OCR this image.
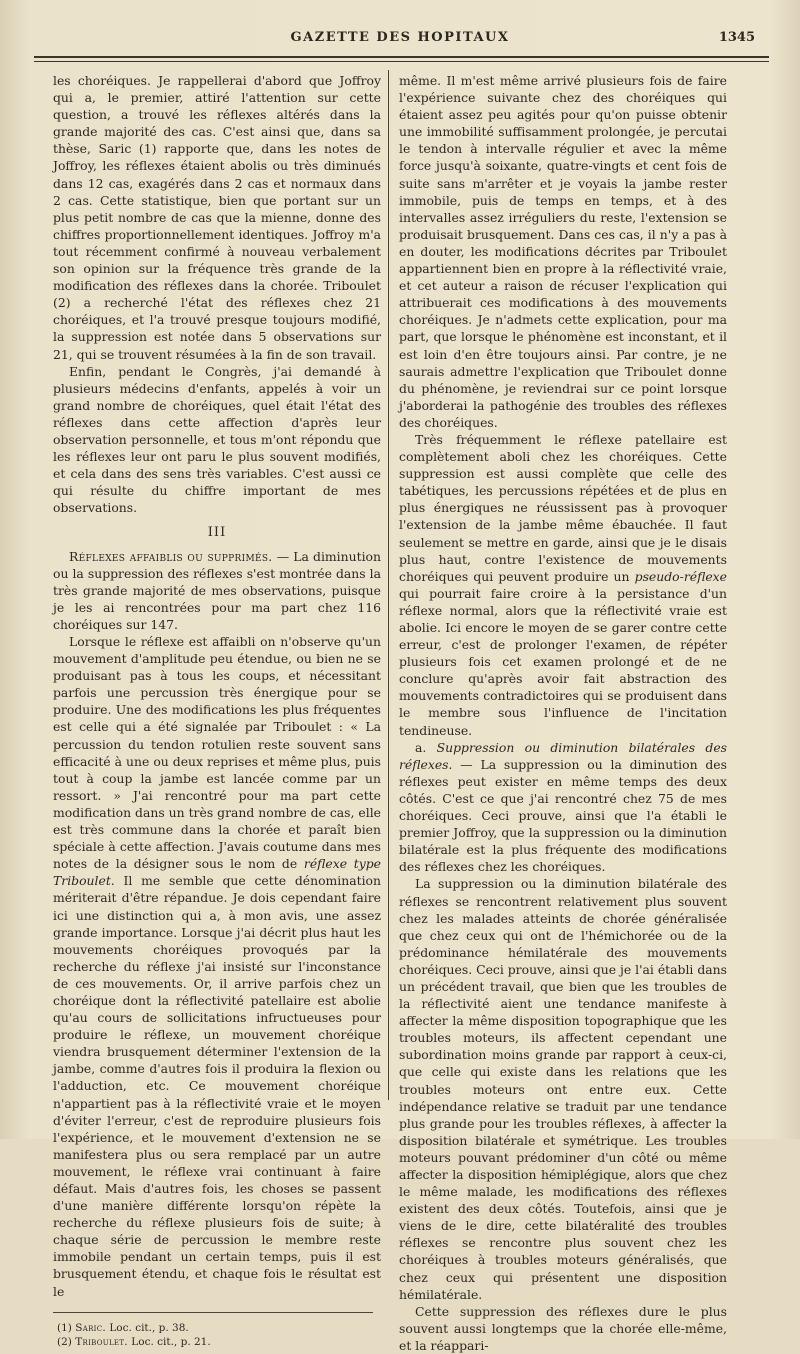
GAZETTE DES HOPITAUX	1345

les choréiques. Je rappellerai d'abord que Joffroy qui a, le premier, attiré l'attention sur cette question, a trouvé les réflexes altérés dans la grande majorité des cas. C'est ainsi que, dans sa thèse, Saric (1) rapporte que, dans les notes de Joffroy, les réflexes étaient abolis ou très diminués dans 12 cas, exagérés dans 2 cas et normaux dans 2 cas. Cette statistique, bien que portant sur un plus petit nombre de cas que la mienne, donne des chiffres proportionnellement identiques. Joffroy m'a tout récemment confirmé à nouveau verbalement son opinion sur la fréquence très grande de la modification des réflexes dans la chorée. Triboulet (2) a recherché l'état des réflexes chez 21 choréiques, et l'a trouvé presque toujours modifié, la suppression est notée dans 5 observations sur 21, qui se trouvent résumées à la fin de son travail.

Enfin, pendant le Congrès, j'ai demandé à plusieurs médecins d'enfants, appelés à voir un grand nombre de choréiques, quel était l'état des réflexes dans cette affection d'après leur observation personnelle, et tous m'ont répondu que les réflexes leur ont paru le plus souvent modifiés, et cela dans des sens très variables. C'est aussi ce qui résulte du chiffre important de mes observations.

III

Réflexes affaiblis ou supprimés. — La diminution ou la suppression des réflexes s'est montrée dans la très grande majorité de mes observations, puisque je les ai rencontrées pour ma part chez 116 choréiques sur 147.

Lorsque le réflexe est affaibli on n'observe qu'un mouvement d'amplitude peu étendue, ou bien ne se produisant pas à tous les coups, et nécessitant parfois une percussion très énergique pour se produire. Une des modifications les plus fréquentes est celle qui a été signalée par Triboulet : « La percussion du tendon rotulien reste souvent sans efficacité à une ou deux reprises et même plus, puis tout à coup la jambe est lancée comme par un ressort. » J'ai rencontré pour ma part cette modification dans un très grand nombre de cas, elle est très commune dans la chorée et paraît bien spéciale à cette affection. J'avais coutume dans mes notes de la désigner sous le nom de réflexe type Triboulet. Il me semble que cette dénomination mériterait d'être répandue. Je dois cependant faire ici une distinction qui a, à mon avis, une assez grande importance. Lorsque j'ai décrit plus haut les mouvements choréiques provoqués par la recherche du réflexe j'ai insisté sur l'inconstance de ces mouvements. Or, il arrive parfois chez un choréique dont la réflectivité patellaire est abolie qu'au cours de sollicitations infructueuses pour produire le réflexe, un mouvement choréique viendra brusquement déterminer l'extension de la jambe, comme d'autres fois il produira la flexion ou l'adduction, etc. Ce mouvement choréique n'appartient pas à la réflectivité vraie et le moyen d'éviter l'erreur, c'est de reproduire plusieurs fois l'expérience, et le mouvement d'extension ne se manifestera plus ou sera remplacé par un autre mouvement, le réflexe vrai continuant à faire défaut. Mais d'autres fois, les choses se passent d'une manière différente lorsqu'on répète la recherche du réflexe plusieurs fois de suite; à chaque série de percussion le membre reste immobile pendant un certain temps, puis il est brusquement étendu, et chaque fois le résultat est le

(1) Saric. Loc. cit., p. 38.

(2) Triboulet. Loc. cit., p. 21.

même. Il m'est même arrivé plusieurs fois de faire l'expérience suivante chez des choréiques qui étaient assez peu agités pour qu'on puisse obtenir une immobilité suffisamment prolongée, je percutai le tendon à intervalle régulier et avec la même force jusqu'à soixante, quatre-vingts et cent fois de suite sans m'arrêter et je voyais la jambe rester immobile, puis de temps en temps, et à des intervalles assez irréguliers du reste, l'extension se produisait brusquement. Dans ces cas, il n'y a pas à en douter, les modifications décrites par Triboulet appartiennent bien en propre à la réflectivité vraie, et cet auteur a raison de récuser l'explication qui attribuerait ces modifications à des mouvements choréiques. Je n'admets cette explication, pour ma part, que lorsque le phénomène est inconstant, et il est loin d'en être toujours ainsi. Par contre, je ne saurais admettre l'explication que Triboulet donne du phénomène, je reviendrai sur ce point lorsque j'aborderai la pathogénie des troubles des réflexes des choréiques.

Très fréquemment le réflexe patellaire est complètement aboli chez les choréiques. Cette suppression est aussi complète que celle des tabétiques, les percussions répétées et de plus en plus énergiques ne réussissent pas à provoquer l'extension de la jambe même ébauchée. Il faut seulement se mettre en garde, ainsi que je le disais plus haut, contre l'existence de mouvements choréiques qui peuvent produire un pseudo-réflexe qui pourrait faire croire à la persistance d'un réflexe normal, alors que la réflectivité vraie est abolie. Ici encore le moyen de se garer contre cette erreur, c'est de prolonger l'examen, de répéter plusieurs fois cet examen prolongé et de ne conclure qu'après avoir fait abstraction des mouvements contradictoires qui se produisent dans le membre sous l'influence de l'incitation tendineuse.

a. Suppression ou diminution bilatérales des réflexes. — La suppression ou la diminution des réflexes peut exister en même temps des deux côtés. C'est ce que j'ai rencontré chez 75 de mes choréiques. Ceci prouve, ainsi que l'a établi le premier Joffroy, que la suppression ou la diminution bilatérale est la plus fréquente des modifications des réflexes chez les choréiques.

La suppression ou la diminution bilatérale des réflexes se rencontrent relativement plus souvent chez les malades atteints de chorée généralisée que chez ceux qui ont de l'hémichorée ou de la prédominance hémilatérale des mouvements choréiques. Ceci prouve, ainsi que je l'ai établi dans un précédent travail, que bien que les troubles de la réflectivité aient une tendance manifeste à affecter la même disposition topographique que les troubles moteurs, ils affectent cependant une subordination moins grande par rapport à ceux-ci, que celle qui existe dans les relations que les troubles moteurs ont entre eux. Cette indépendance relative se traduit par une tendance plus grande pour les troubles réflexes, à affecter la disposition bilatérale et symétrique. Les troubles moteurs pouvant prédominer d'un côté ou même affecter la disposition hémiplégique, alors que chez le même malade, les modifications des réflexes existent des deux côtés. Toutefois, ainsi que je viens de le dire, cette bilatéralité des troubles réflexes se rencontre plus souvent chez les choréiques à troubles moteurs généralisés, que chez ceux qui présentent une disposition hémilatérale.

Cette suppression des réflexes dure le plus souvent aussi longtemps que la chorée elle-même, et la réappari-
